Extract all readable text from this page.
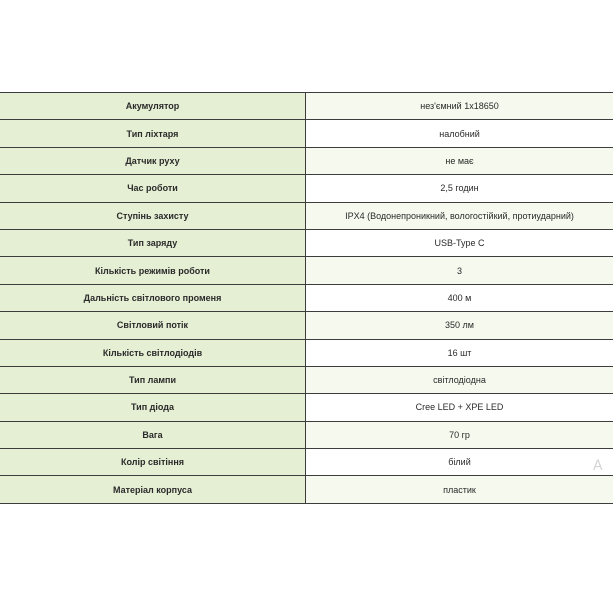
Акумулятор	нез'ємний 1х18650
Тип ліхтаря	налобний
Датчик руху	не має
Час роботи	2,5 годин
Ступінь захисту	IPX4 (Водонепроникний, вологостійкий, протиударний)
Тип заряду	USB-Type C
Кількість режимів роботи	3
Дальність світлового променя	400 м
Світловий потік	350 лм
Кількість світлодіодів	16 шт
Тип лампи	світлодіодна
Тип діода	Cree LED + XPE LED
Вага	70 гр
Колір світіння	білий
Матеріал корпуса	пластик
A
